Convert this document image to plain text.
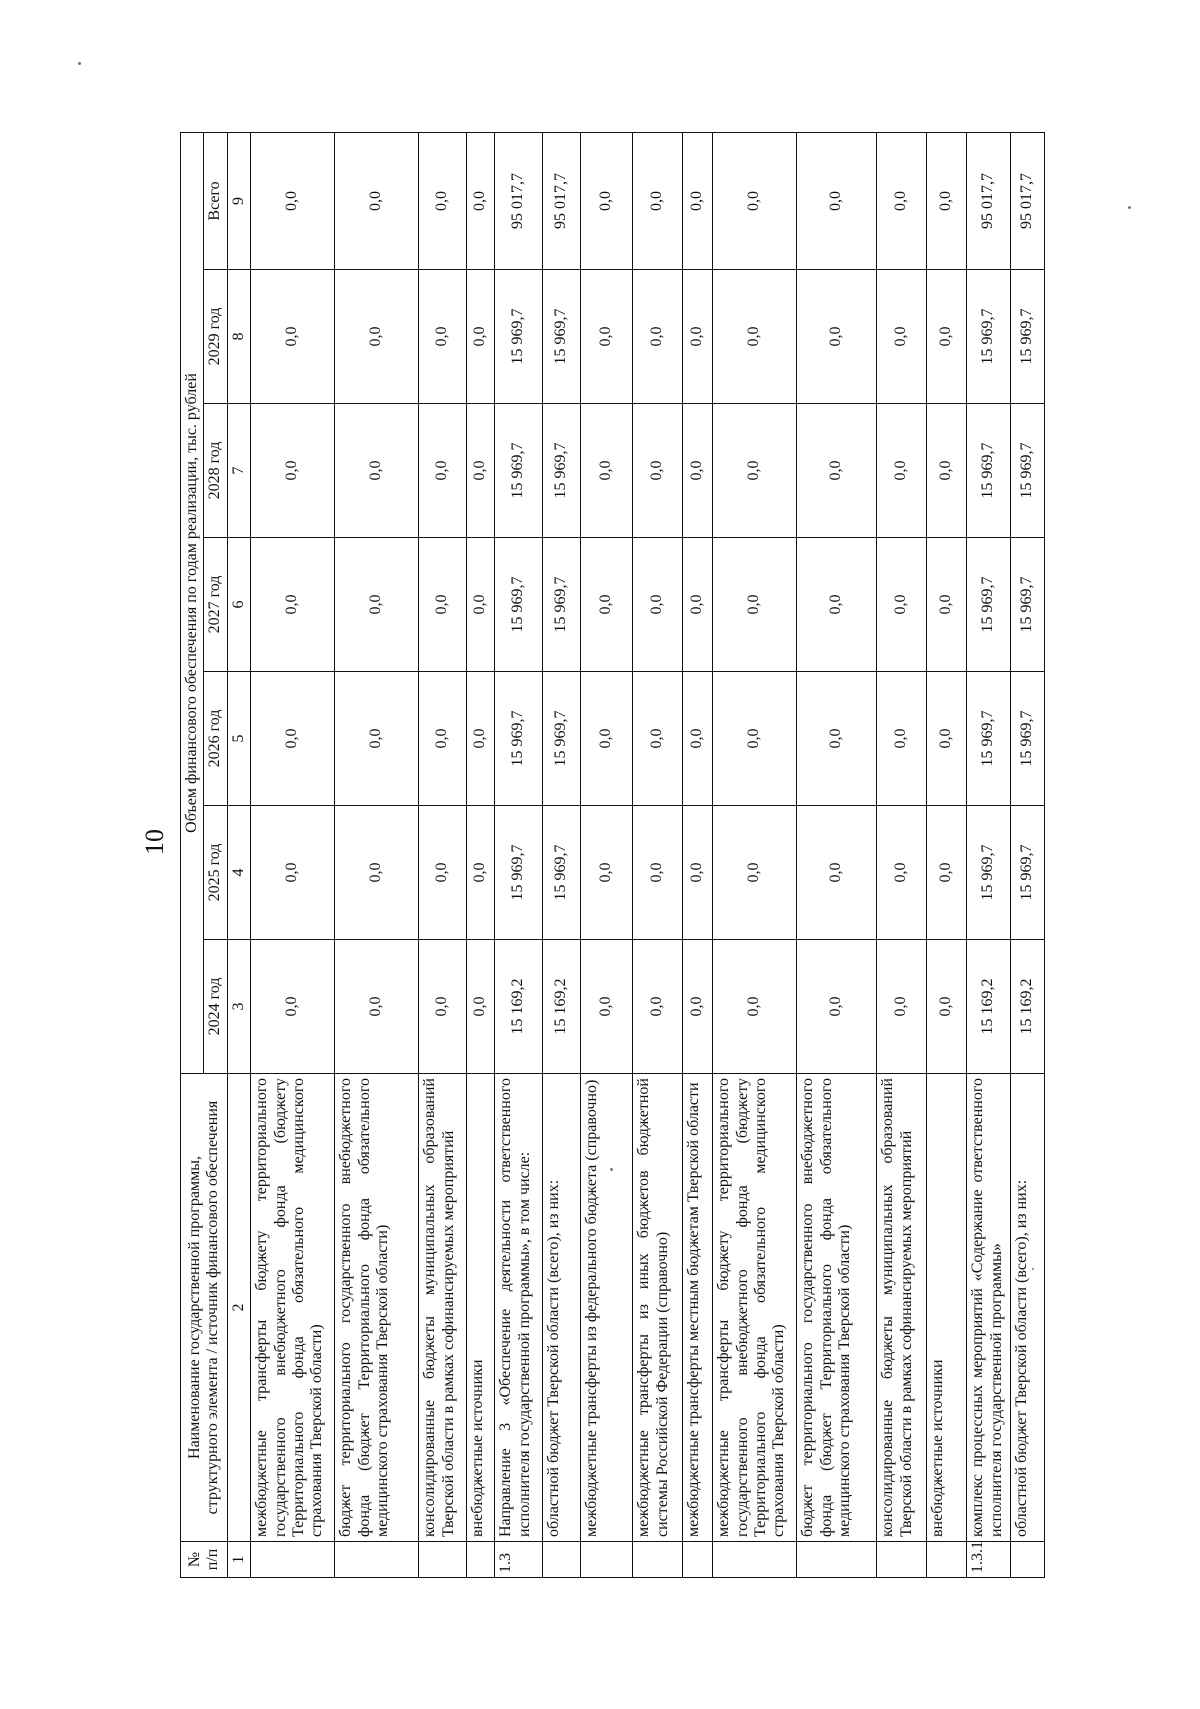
10
№ п/п	Наименование государственной программы,
структурного элемента / источник финансового обеспечения	Объем финансового обеспечения по годам реализации, тыс. рублей						
		2024 год	2025 год	2026 год	2027 год	2028 год	2029 год	Всего
1	2	3	4	5	6	7	8	9
	межбюджетные трансферты бюджету территориального государственного внебюджетного фонда (бюджету Территориального фонда обязательного медицинского страхования Тверской области)	0,0	0,0	0,0	0,0	0,0	0,0	0,0
	бюджет территориального государственного внебюджетного фонда (бюджет Территориального фонда обязательного медицинского страхования Тверской области)	0,0	0,0	0,0	0,0	0,0	0,0	0,0
	консолидированные бюджеты муниципальных образований Тверской области в рамках софинансируемых мероприятий	0,0	0,0	0,0	0,0	0,0	0,0	0,0
	внебюджетные источники	0,0	0,0	0,0	0,0	0,0	0,0	0,0
1.3	Направление 3 «Обеспечение деятельности ответственного исполнителя государственной программы», в том числе:	15 169,2	15 969,7	15 969,7	15 969,7	15 969,7	15 969,7	95 017,7
	областной бюджет Тверской области (всего), из них:	15 169,2	15 969,7	15 969,7	15 969,7	15 969,7	15 969,7	95 017,7
	межбюджетные трансферты из федерального бюджета (справочно)	0,0	0,0	0,0	0,0	0,0	0,0	0,0
	межбюджетные трансферты из иных бюджетов бюджетной системы Российской Федерации (справочно)	0,0	0,0	0,0	0,0	0,0	0,0	0,0
	межбюджетные трансферты местным бюджетам Тверской области	0,0	0,0	0,0	0,0	0,0	0,0	0,0
	межбюджетные трансферты бюджету территориального государственного внебюджетного фонда (бюджету Территориального фонда обязательного медицинского страхования Тверской области)	0,0	0,0	0,0	0,0	0,0	0,0	0,0
	бюджет территориального государственного внебюджетного фонда (бюджет Территориального фонда обязательного медицинского страхования Тверской области)	0,0	0,0	0,0	0,0	0,0	0,0	0,0
	консолидированные бюджеты муниципальных образований Тверской области в рамках софинансируемых мероприятий	0,0	0,0	0,0	0,0	0,0	0,0	0,0
	внебюджетные источники	0,0	0,0	0,0	0,0	0,0	0,0	0,0
1.3.1	комплекс процессных мероприятий «Содержание ответственного исполнителя государственной программы»	15 169,2	15 969,7	15 969,7	15 969,7	15 969,7	15 969,7	95 017,7
	областной бюджет Тверской области (всего), из них:	15 169,2	15 969,7	15 969,7	15 969,7	15 969,7	15 969,7	95 017,7
